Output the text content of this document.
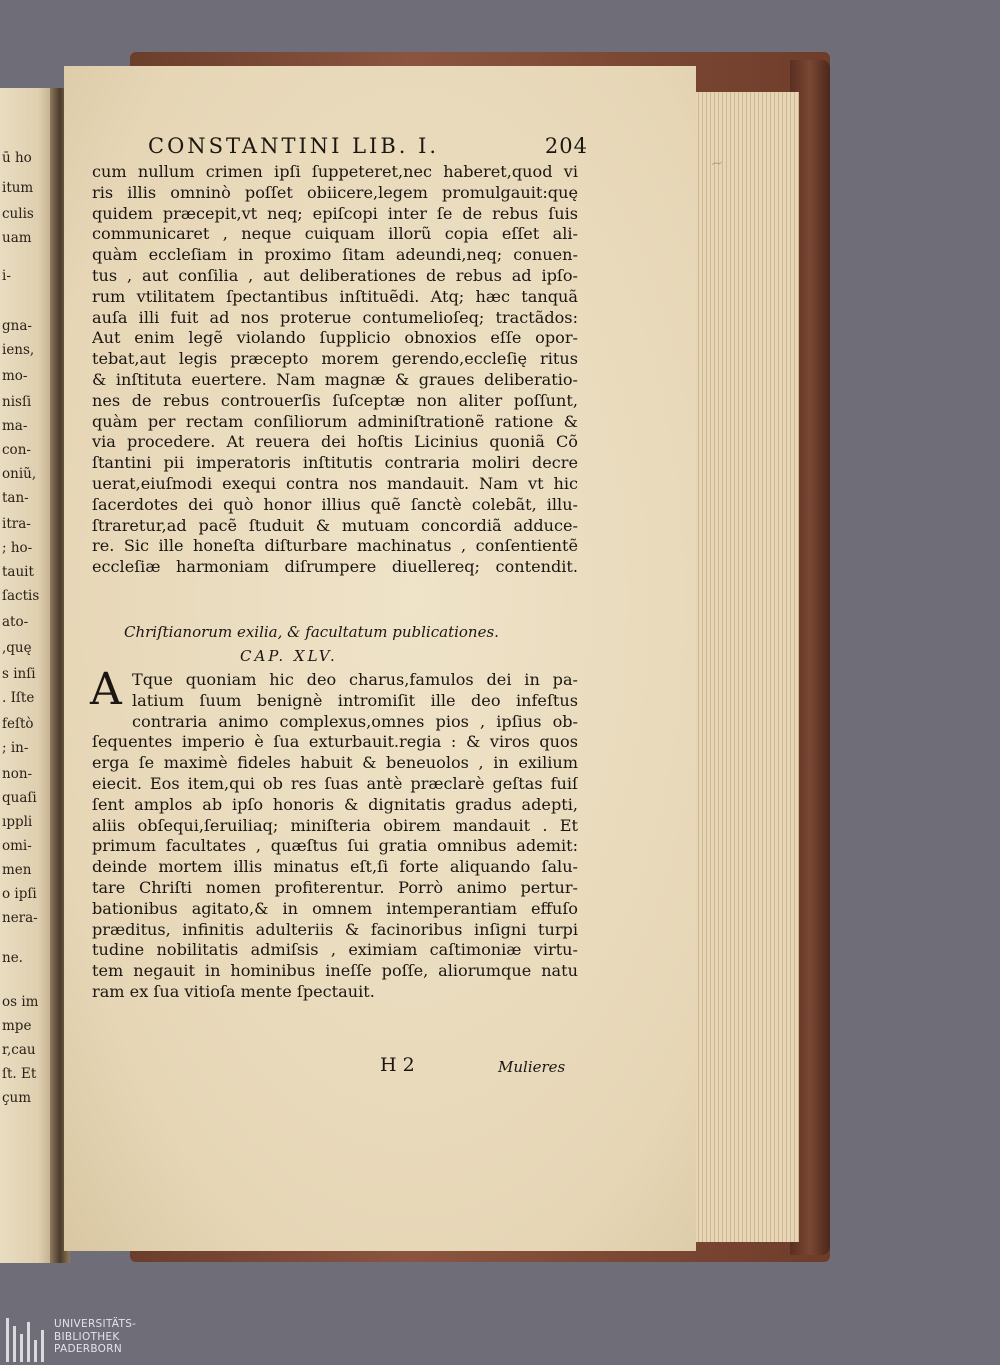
ū ho
itum
culis
uam
i-
gna-
iens,
mo-
nisſi
ma-
con-
oniũ,
tan-
itra-
; ho-
tauit
ſactis
ato-
,quę
s inſi
. Iſte
feſtò
; in-
non-
quaſi
ıppli
omi-
men
o ipſi
nera-
ne.
os im
mpe
r,cau
ſt. Et
çum
~
CONSTANTINI LIB. I.	204
cum nullum crimen ipſi ſuppeteret,nec haberet,quod vi
ris illis omninò poſſet obiicere,legem promulgauit:quę
quidem præcepit,vt neq; epiſcopi inter ſe de rebus ſuis
communicaret , neque cuiquam illorũ copia eſſet ali-
quàm eccleſiam in proximo ſitam adeundi,neq; conuen-
tus , aut conſilia , aut deliberationes de rebus ad ipſo-
rum vtilitatem ſpectantibus inſtituẽdi. Atq; hæc tanquã
auſa illi fuit ad nos proterue contumelioſeq; tractãdos:
Aut enim legẽ violando ſupplicio obnoxios eſſe opor-
tebat,aut legis præcepto morem gerendo,eccleſię ritus
& inſtituta euertere. Nam magnæ & graues deliberatio-
nes de rebus controuerſis ſuſceptæ non aliter poſſunt,
quàm per rectam conſiliorum adminiſtrationẽ ratione &
via procedere. At reuera dei hoſtis Licinius quoniã Cõ
ſtantini pii imperatoris inſtitutis contraria moliri decre
uerat,eiuſmodi exequi contra nos mandauit. Nam vt hic
ſacerdotes dei quò honor illius quẽ ſanctè colebãt, illu-
ſtraretur,ad pacẽ ſtuduit & mutuam concordiã adduce-
re. Sic ille honeſta diſturbare machinatus , conſentientẽ
eccleſiæ harmoniam diſrumpere diuellereq; contendit.
Chriſtianorum exilia, & facultatum publicationes.
CAP. XLV.
A Tque quoniam hic deo charus,famulos dei in pa-
latium ſuum benignè intromiſit ille deo infeſtus
contraria animo complexus,omnes pios , ipſius ob-
ſequentes imperio è ſua exturbauit.regia : & viros quos
erga ſe maximè fideles habuit & beneuolos , in exilium
eiecit. Eos item,qui ob res ſuas antè præclarè geſtas fuiſ
ſent amplos ab ipſo honoris & dignitatis gradus adepti,
aliis obſequi,ſeruiliaq; miniſteria obirem mandauit . Et
primum facultates , quæſtus ſui gratia omnibus ademit:
deinde mortem illis minatus eſt,ſi forte aliquando ſalu-
tare Chriſti nomen profiterentur. Porrò animo pertur-
bationibus agitato,& in omnem intemperantiam effuſo
præditus, infinitis adulteriis & facinoribus inſigni turpi
tudine nobilitatis admiſsis , eximiam caſtimoniæ virtu-
tem negauit in hominibus ineſſe poſſe, aliorumque natu
ram ex ſua vitioſa mente ſpectauit.
H 2	Mulieres
UNIVERSITÄTS-
BIBLIOTHEK
PADERBORN
